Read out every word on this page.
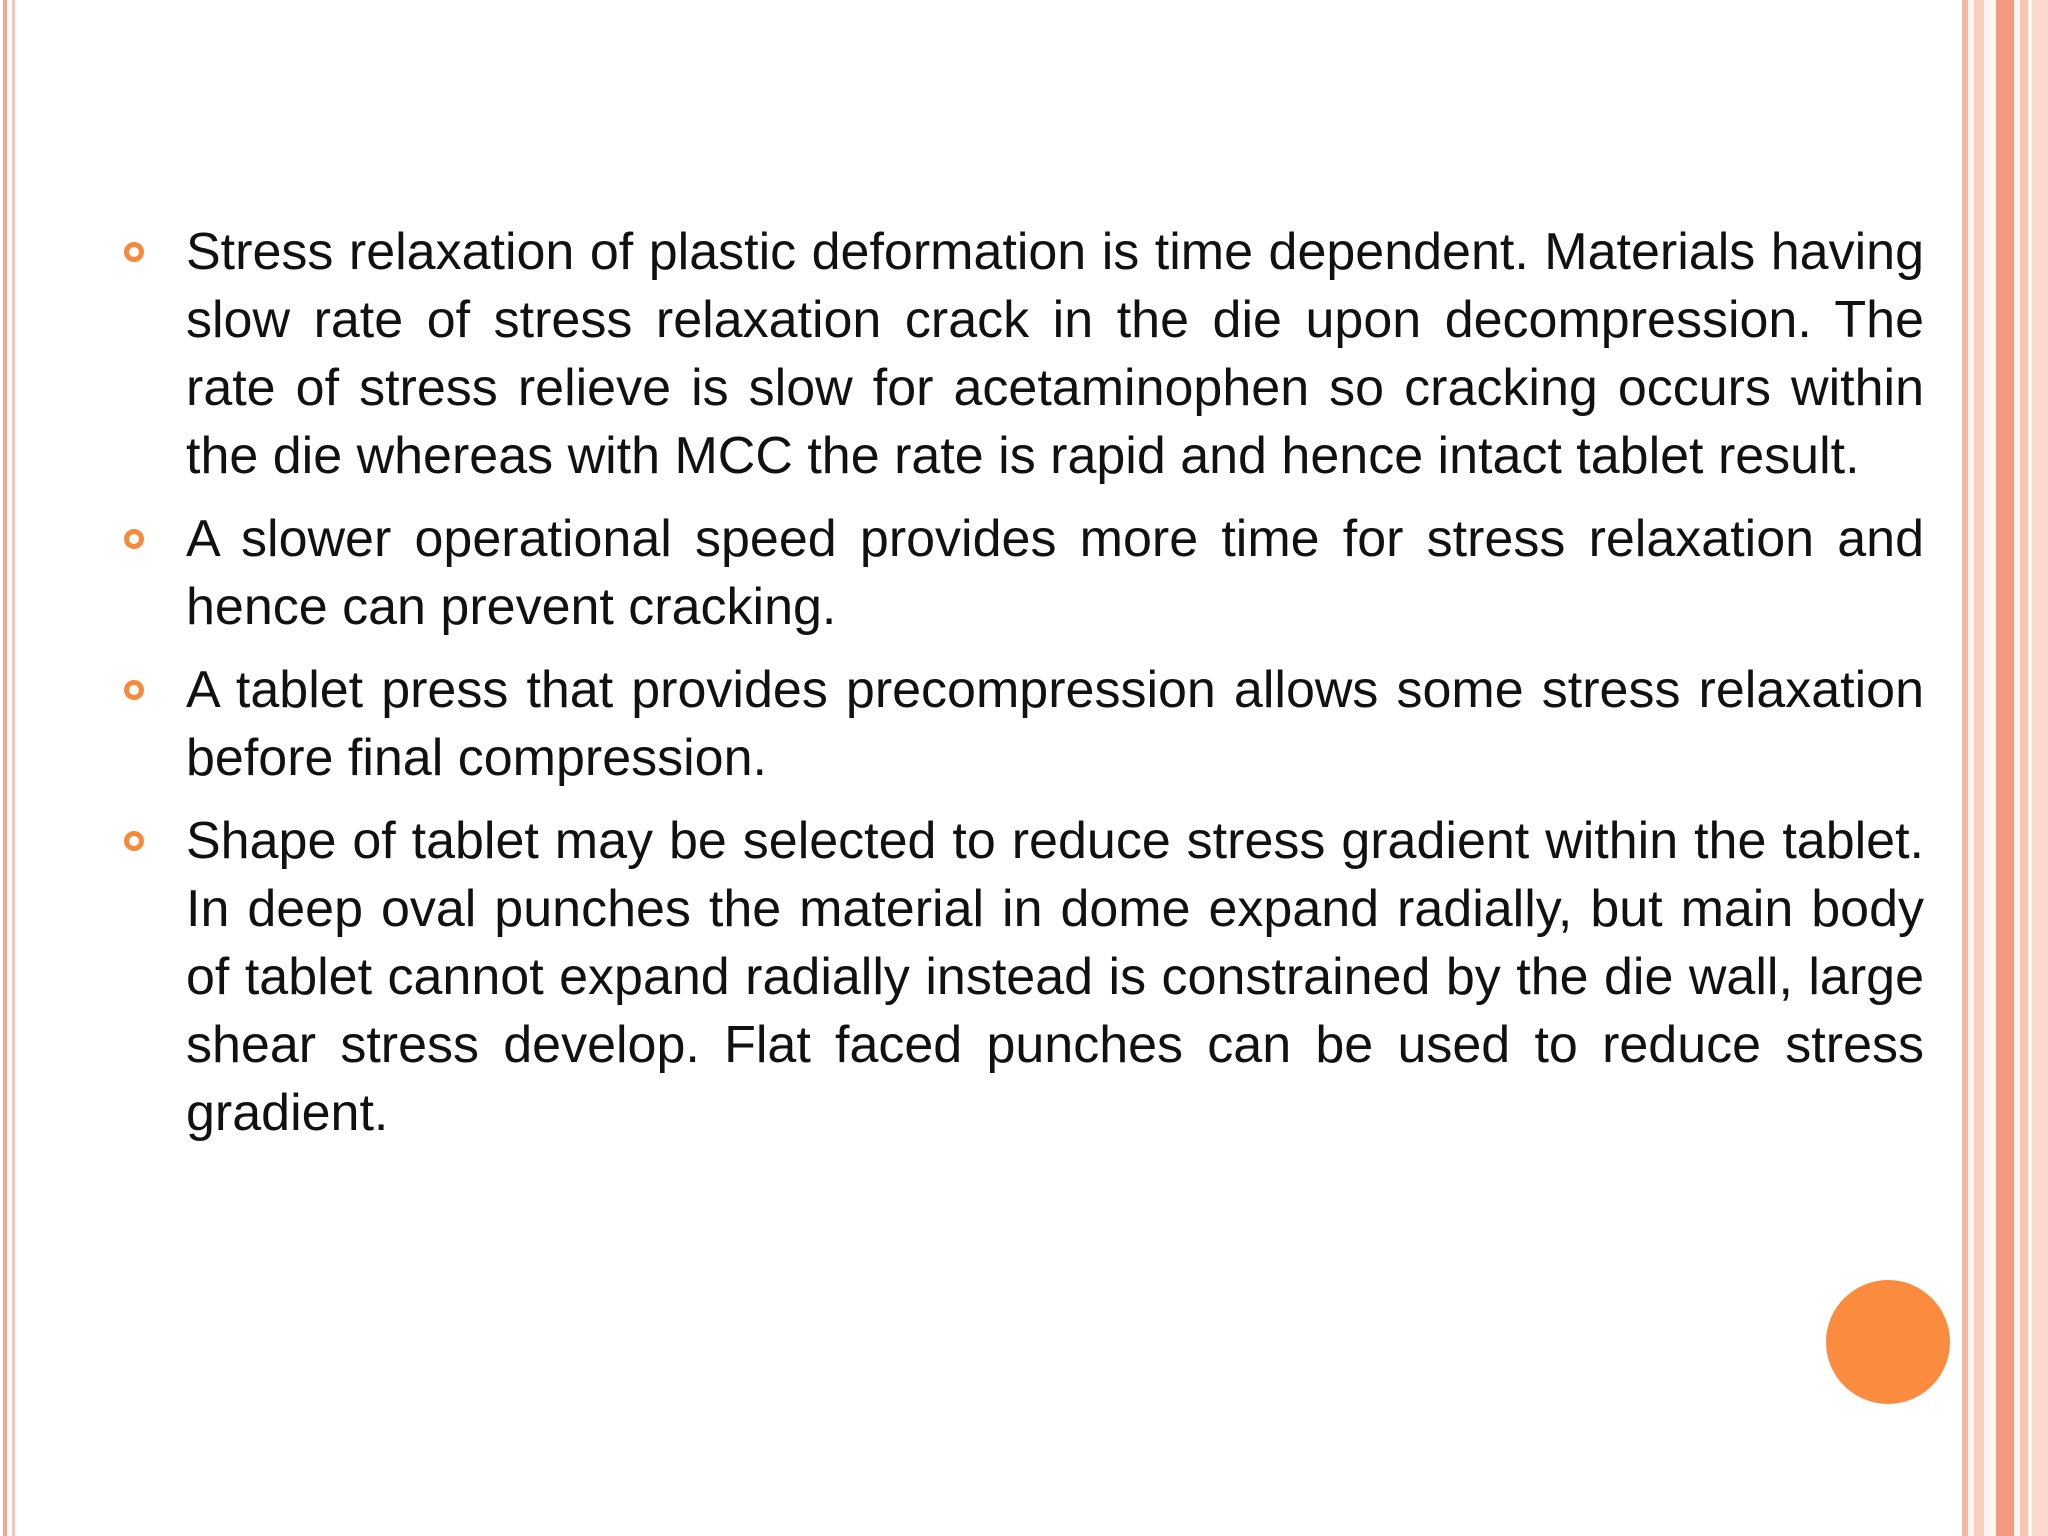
Stress relaxation of plastic deformation is time dependent. Materials having slow rate of stress relaxation crack in the die upon decompression. The rate of stress relieve is slow for acetaminophen so cracking occurs within the die whereas with MCC the rate is rapid and hence intact tablet result.
A slower operational speed provides more time for stress relaxation and hence can prevent cracking.
A tablet press that provides precompression allows some stress relaxation before final compression.
Shape of tablet may be selected to reduce stress gradient within the tablet. In deep oval punches the material in dome expand radially, but main body of tablet cannot expand radially instead is constrained by the die wall, large shear stress develop. Flat faced punches can be used to reduce stress gradient.
